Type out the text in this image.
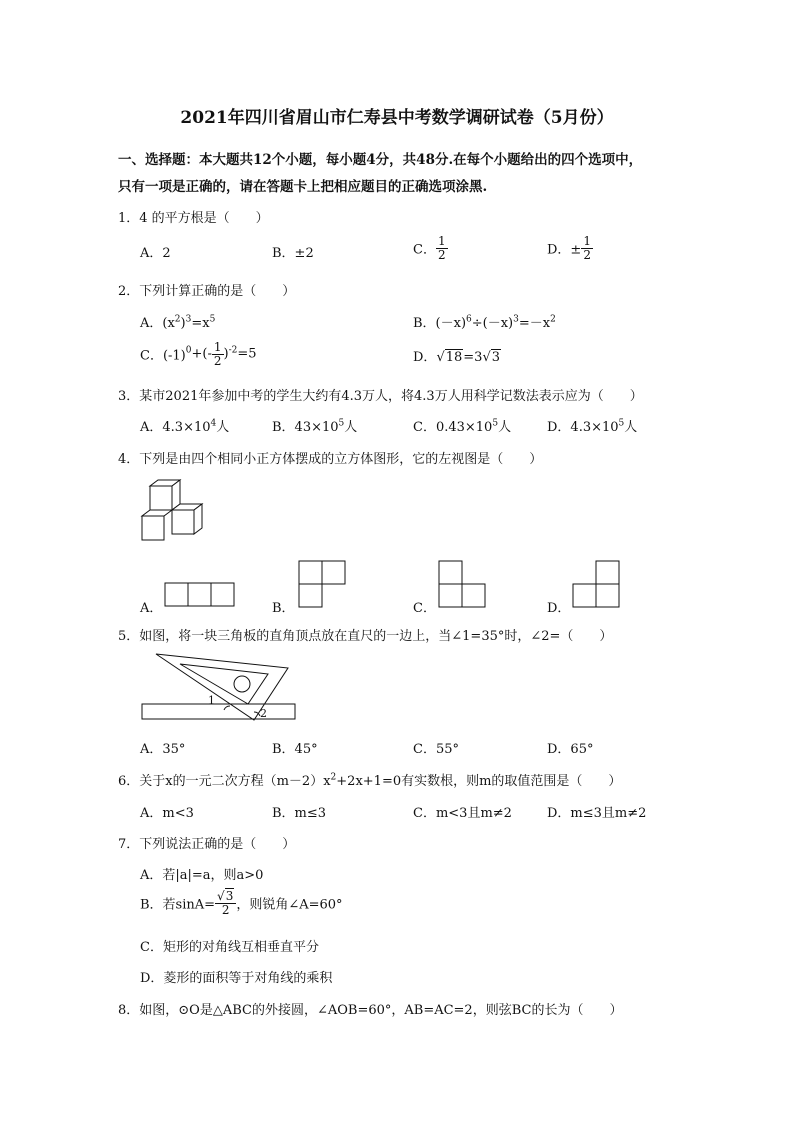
2021年四川省眉山市仁寿县中考数学调研试卷（5月份）
一、选择题：本大题共12个小题，每小题4分，共48分.在每个小题给出的四个选项中，
只有一项是正确的，请在答题卡上把相应题目的正确选项涂黑.
1．4 的平方根是（　　）
A．2	B．±2	C． $\frac{1}{2}$	D．± $\frac{1}{2}$
2．下列计算正确的是（　　）
A．$(x^2)^3=x^5$	B．$(-x)^6\div(-x)^3=-x^2$
C．$(-1)^0+(- \frac{1}{2} )^{-2}=5$	D．√18=3√3
3．某市2021年参加中考的学生大约有4.3万人，将4.3万人用科学记数法表示应为（　　）
A．$4.3\times 10^4$人	B．$43\times 10^5$人	C．$0.43\times 10^5$人	D．$4.3\times 10^5$人
4．下列是由四个相同小正方体摆成的立方体图形，它的左视图是（　　）
A．	B．	C．	D．
5．如图，将一块三角板的直角顶点放在直尺的一边上，当∠1=35°时，∠2=（　　）
1
2
A．35°	B．45°	C．55°	D．65°
6．关于x的一元二次方程$(m-2)x^2+2x+1=0$有实数根，则m的取值范围是（　　）
A．m<3	B．m≤3	C．m<3且m≠2	D．m≤3且m≠2
7．下列说法正确的是（　　）
A．若|a|=a，则a>0
B．若$\sin A= \frac{√3}{2}$ ，则锐角∠A=60°
C．矩形的对角线互相垂直平分
D．菱形的面积等于对角线的乘积
8．如图，⊙O是△ABC的外接圆，∠AOB=60°，AB=AC=2，则弦BC的长为（　　）
